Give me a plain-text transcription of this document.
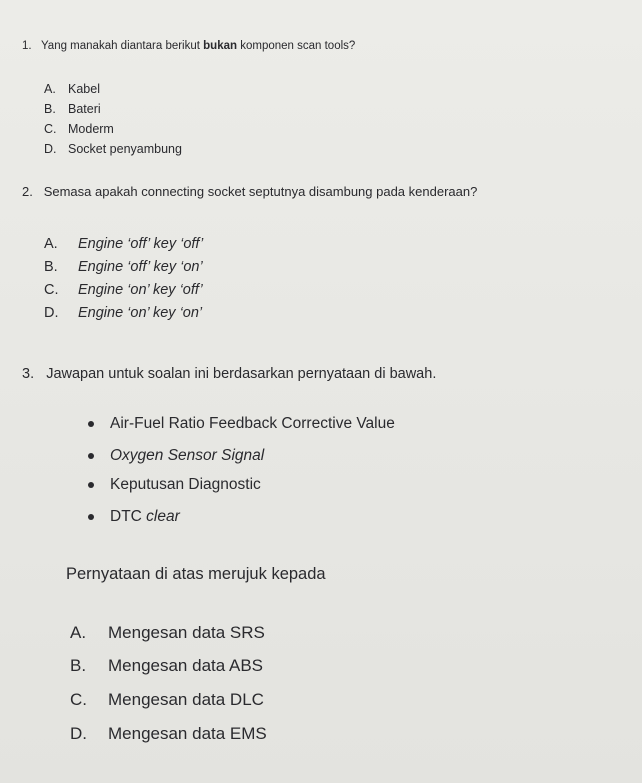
1. Yang manakah diantara berikut bukan komponen scan tools?
A. Kabel
B. Bateri
C. Moderm
D. Socket penyambung
2. Semasa apakah connecting socket septutnya disambung pada kenderaan?
A. Engine ‘off’ key ‘off’
B. Engine ‘off’ key ‘on’
C. Engine ‘on’ key ‘off’
D. Engine ‘on’ key ‘on’
3. Jawapan untuk soalan ini berdasarkan pernyataan di bawah.
Air-Fuel Ratio Feedback Corrective Value
Oxygen Sensor Signal
Keputusan Diagnostic
DTC clear
Pernyataan di atas merujuk kepada
A. Mengesan data SRS
B. Mengesan data ABS
C. Mengesan data DLC
D. Mengesan data EMS
